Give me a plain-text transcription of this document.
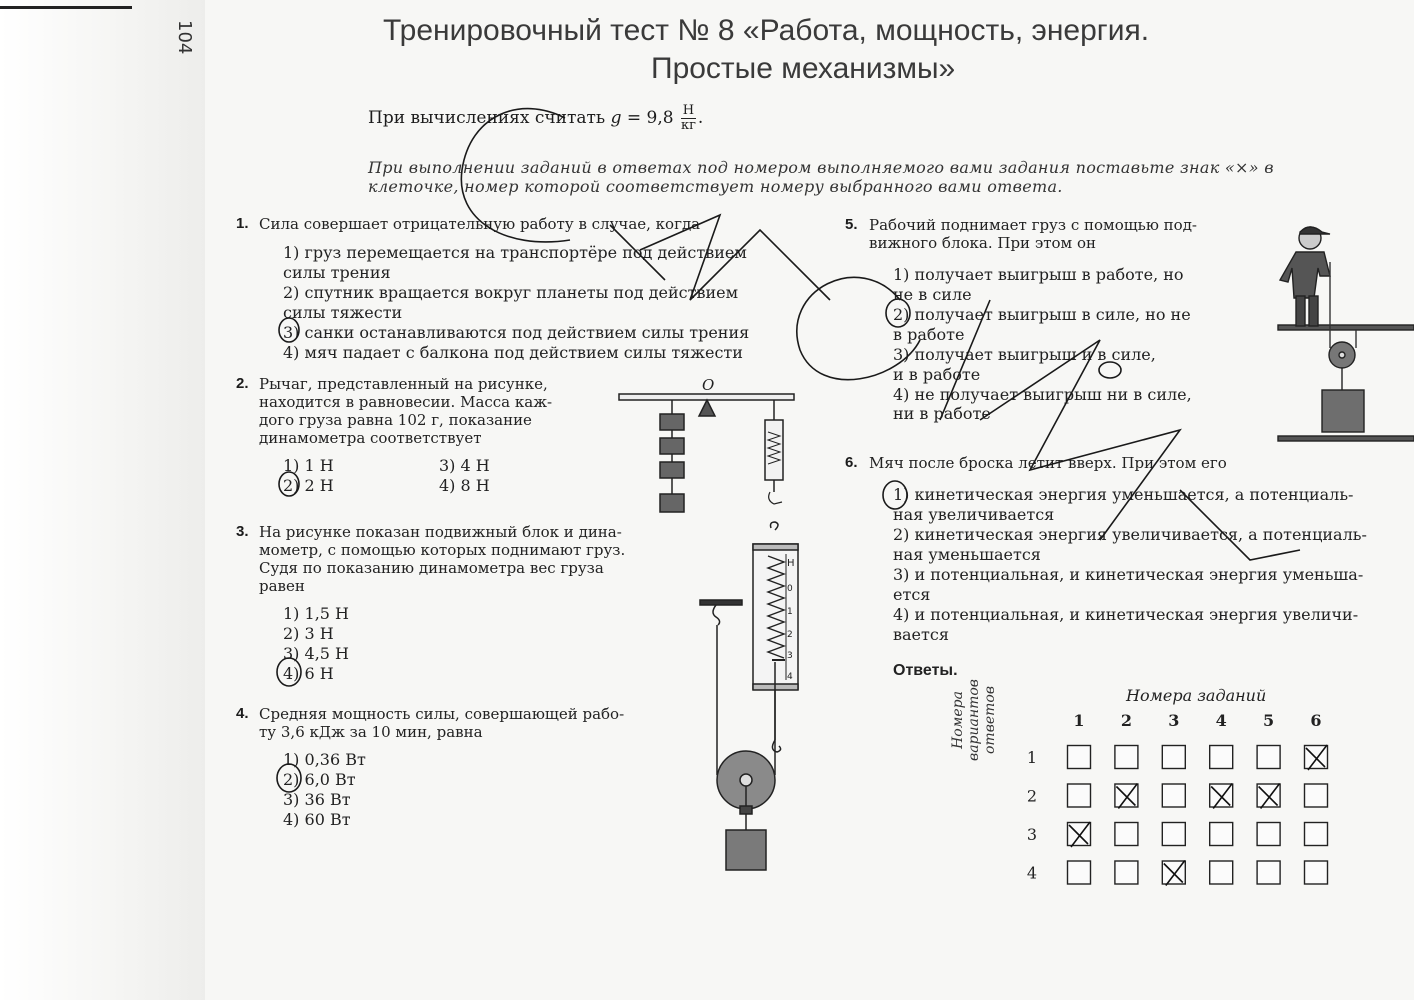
104	Тренировочный тест № 8 «Работа, мощность, энергия.
Простые механизмы»
При вычислениях считать $g = 9,8 \frac{Н}{кг}$ .
При выполнении заданий в ответах под номером выполняемого вами задания поставьте знак «×» в клеточке, номер которой соответствует номеру выбранного вами ответа.
1. Сила совершает отрицательную работу в случае, когда
1) груз перемещается на транспортёре под действием
силы трения
2) спутник вращается вокруг планеты под действием
силы тяжести
3) санки останавливаются под действием силы трения
4) мяч падает с балкона под действием силы тяжести
2. Рычаг, представленный на рисунке,
находится в равновесии. Масса каж-
дого груза равна 102 г, показание
динамометра соответствует
1) 1 Н
2) 2 Н
3) 4 Н
4) 8 Н
3. На рисунке показан подвижный блок и дина-
мометр, с помощью которых поднимают груз.
Судя по показанию динамометра вес груза
равен
1) 1,5 Н
2) 3 Н
3) 4,5 Н
4) 6 Н
4. Средняя мощность силы, совершающей рабо-
ту 3,6 кДж за 10 мин, равна
1) 0,36 Вт
2) 6,0 Вт
3) 36 Вт
4) 60 Вт
5. Рабочий поднимает груз с помощью под-
вижного блока. При этом он
1) получает выигрыш в работе, но
не в силе
2) получает выигрыш в силе, но не
в работе
3) получает выигрыш и в силе,
и в работе
4) не получает выигрыш ни в силе,
ни в работе
6. Мяч после броска летит вверх. При этом его
1) кинетическая энергия уменьшается, а потенциаль-
ная увеличивается
2) кинетическая энергия увеличивается, а потенциаль-
ная уменьшается
3) и потенциальная, и кинетическая энергия уменьша-
ется
4) и потенциальная, и кинетическая энергия увеличи-
вается
Ответы.
Номера заданий
O
Н
0
1
2
3
4
1 2 3 4 5 6
1
2
3
4
Номера вариантов ответов
